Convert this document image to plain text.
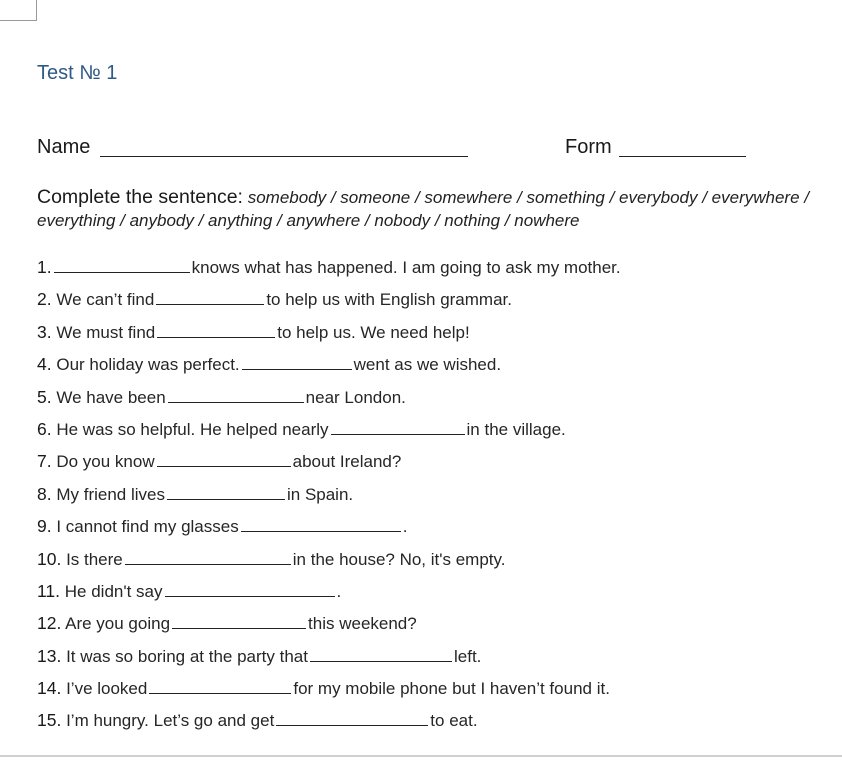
Test № 1
Name	Form
Complete the sentence: somebody / someone / somewhere / something / everybody / everywhere / everything / anybody / anything / anywhere / nobody / nothing / nowhere
1.	knows what has happened. I am going to ask my mother.
2. We can’t find	to help us with English grammar.
3. We must find	to help us. We need help!
4. Our holiday was perfect.	went as we wished.
5. We have been	near London.
6. He was so helpful. He helped nearly	in the village.
7. Do you know	about Ireland?
8. My friend lives	in Spain.
9. I cannot find my glasses	.
10. Is there	in the house? No, it's empty.
11. He didn't say	.
12. Are you going	this weekend?
13. It was so boring at the party that	left.
14. I’ve looked	for my mobile phone but I haven’t found it.
15. I’m hungry. Let’s go and get	to eat.
